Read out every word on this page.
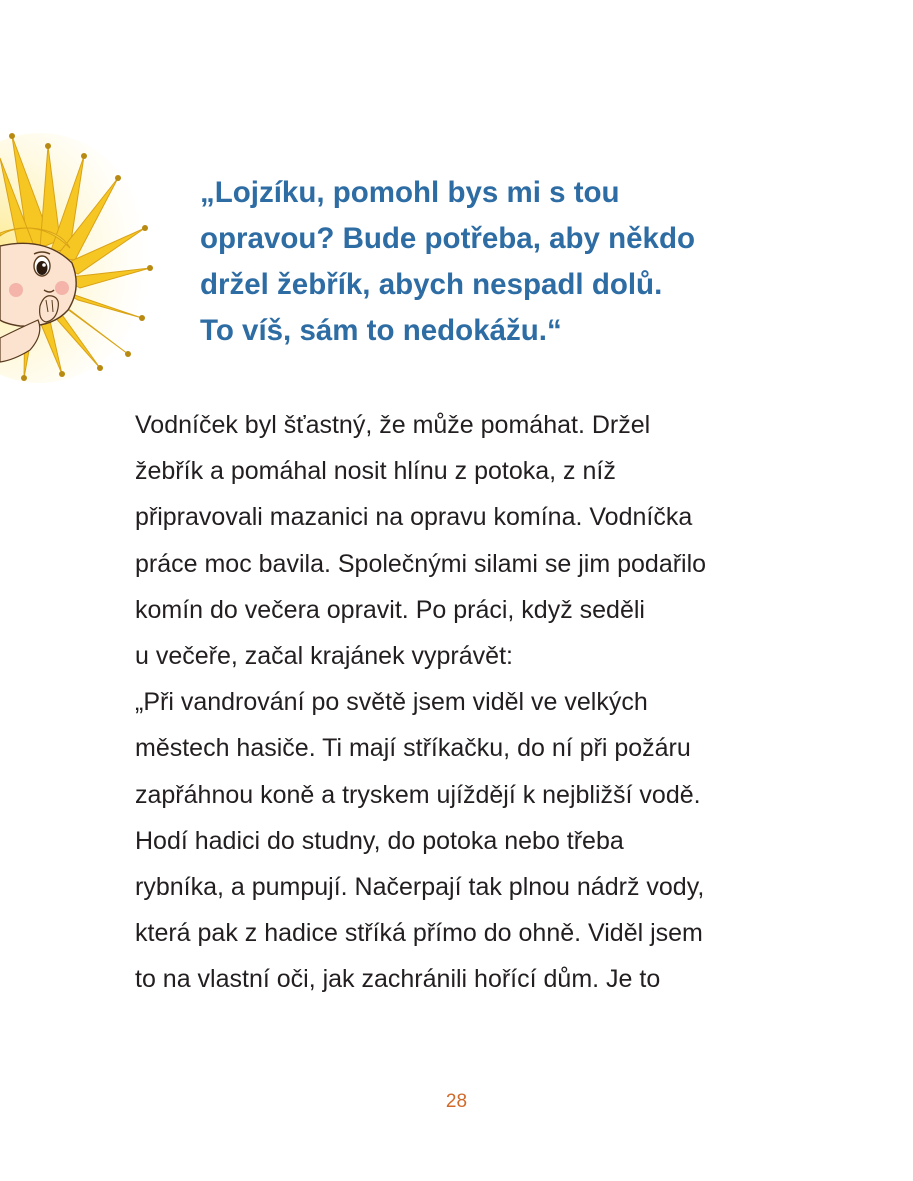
„Lojzíku, pomohl bys mi s tou
opravou? Bude potřeba, aby někdo
držel žebřík, abych nespadl dolů.
To víš, sám to nedokážu.“
Vodníček byl šťastný, že může pomáhat. Držel
žebřík a pomáhal nosit hlínu z potoka, z níž
připravovali mazanici na opravu komína. Vodníčka
práce moc bavila. Společnými silami se jim podařilo
komín do večera opravit. Po práci, když seděli
u večeře, začal krajánek vyprávět:
„Při vandrování po světě jsem viděl ve velkých
městech hasiče. Ti mají stříkačku, do ní při požáru
zapřáhnou koně a tryskem ujíždějí k nejbližší vodě.
Hodí hadici do studny, do potoka nebo třeba
rybníka, a pumpují. Načerpají tak plnou nádrž vody,
která pak z hadice stříká přímo do ohně. Viděl jsem
to na vlastní oči, jak zachránili hořící dům. Je to
28
